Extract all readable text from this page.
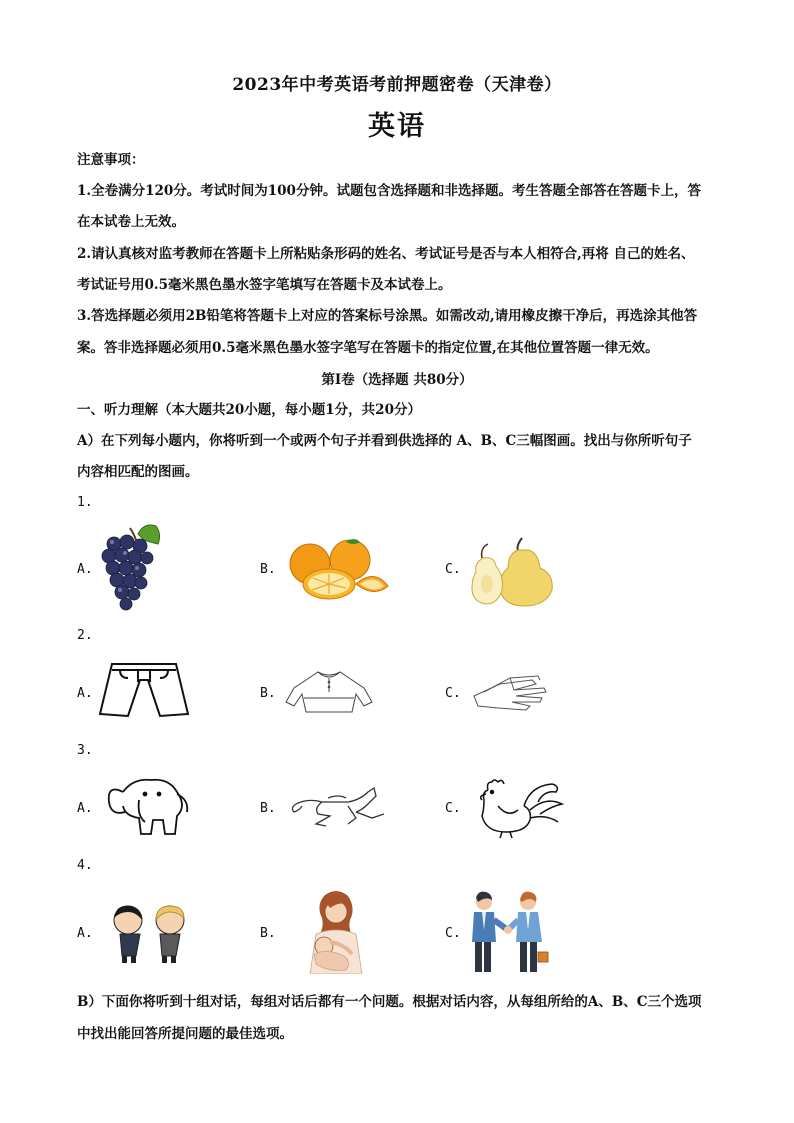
2023年中考英语考前押题密卷（天津卷）
英语
注意事项：
1.全卷满分120分。考试时间为100分钟。试题包含选择题和非选择题。考生答题全部答在答题卡上，答
在本试卷上无效。
2.请认真核对监考教师在答题卡上所粘贴条形码的姓名、考试证号是否与本人相符合,再将 自己的姓名、
考试证号用0.5毫米黑色墨水签字笔填写在答题卡及本试卷上。
3.答选择题必须用2B铅笔将答题卡上对应的答案标号涂黑。如需改动,请用橡皮擦干净后，再选涂其他答
案。答非选择题必须用0.5毫米黑色墨水签字笔写在答题卡的指定位置,在其他位置答题一律无效。
第Ⅰ卷（选择题 共80分）
一、听力理解（本大题共20小题，每小题1分，共20分）
A）在下列每小题内，你将听到一个或两个句子并看到供选择的 A、B、C三幅图画。找出与你所听句子
内容相匹配的图画。
1.
A.	B.	C.
2.
A.	B.	C.
3.
A.	B.	C.
4.
A.	B.	C.
B）下面你将听到十组对话，每组对话后都有一个问题。根据对话内容，从每组所给的A、B、C三个选项
中找出能回答所提问题的最佳选项。
